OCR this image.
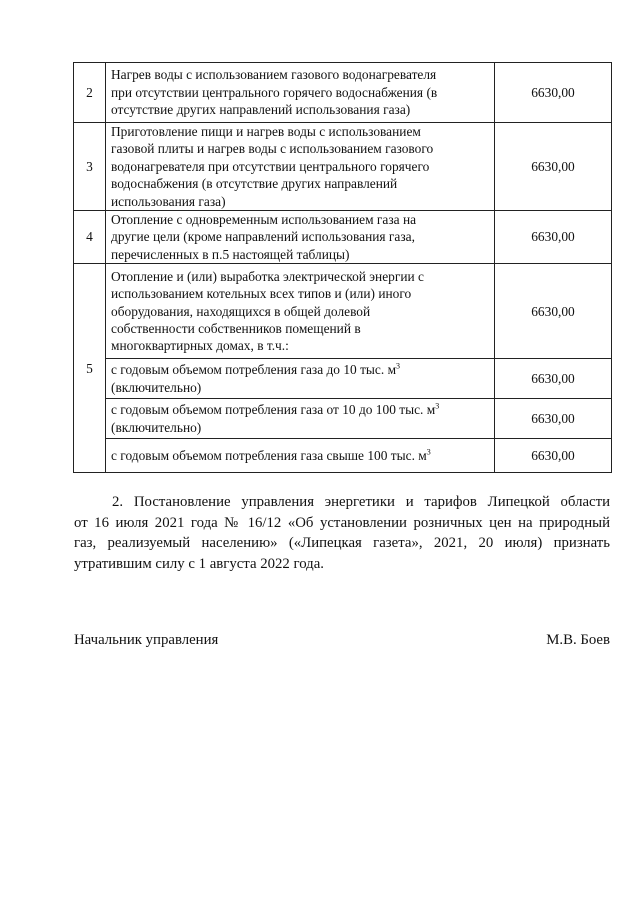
2	Нагрев воды с использованием газового водонагревателя
при отсутствии центрального горячего водоснабжения (в
отсутствие других направлений использования газа)	6630,00
3	Приготовление пищи и нагрев воды с использованием
газовой плиты и нагрев воды с использованием газового
водонагревателя при отсутствии центрального горячего
водоснабжения (в отсутствие других направлений
использования газа)	6630,00
4	Отопление с одновременным использованием газа на
другие цели (кроме направлений использования газа,
перечисленных в п.5 настоящей таблицы)	6630,00
5	Отопление и (или) выработка электрической энергии с
использованием котельных всех типов и (или) иного
оборудования, находящихся в общей долевой
собственности собственников помещений в
многоквартирных домах, в т.ч.:	6630,00

	с годовым объемом потребления газа до 10 тыс. $м^3$
(включительно)	6630,00

	с годовым объемом потребления газа от 10 до 100 тыс. $м^3$
(включительно)	6630,00

	с годовым объемом потребления газа свыше 100 тыс. $м^3$	6630,00

2. Постановление управления энергетики и тарифов Липецкой области
от 16 июля 2021 года № 16/12 «Об установлении розничных цен на природный
газ, реализуемый населению» («Липецкая газета», 2021, 20 июля) признать
утратившим силу с 1 августа 2022 года.

Начальник управления	М.В. Боев
